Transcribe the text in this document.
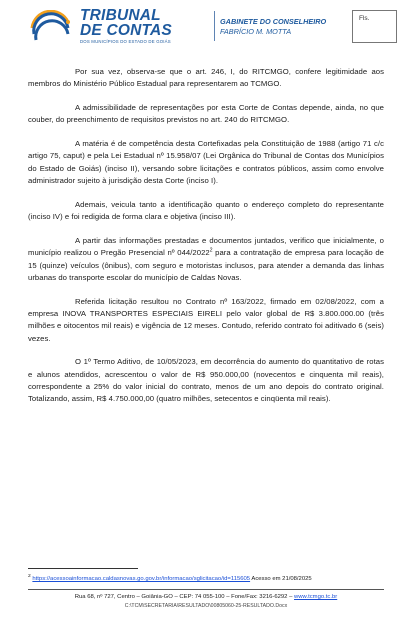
TRIBUNAL
DE CONTAS
DOS MUNICÍPIOS DO ESTADO DE GOIÁS
GABINETE DO CONSELHEIRO
FABRÍCIO M. MOTTA
Fls.

Por sua vez, observa-se que o art. 246, I, do RITCMGO, confere legitimidade aos membros do Ministério Público Estadual para representarem ao TCMGO.

A admissibilidade de representações por esta Corte de Contas depende, ainda, no que couber, do preenchimento de requisitos previstos no art. 240 do RITCMGO.

A matéria é de competência desta Cortefixadas pela Constituição de 1988 (artigo 71 c/c artigo 75, caput) e pela Lei Estadual nº 15.958/07 (Lei Orgânica do Tribunal de Contas dos Municípios do Estado de Goiás) (inciso II), versando sobre licitações e contratos públicos, assim como envolve administrador sujeito à jurisdição desta Corte (inciso I).

Ademais, veicula tanto a identificação quanto o endereço completo do representante (inciso IV) e foi redigida de forma clara e objetiva (inciso III).

A partir das informações prestadas e documentos juntados, verifico que inicialmente, o município realizou o Pregão Presencial nº 044/2022$^2$ para a contratação de empresa para locação de 15 (quinze) veículos (ônibus), com seguro e motoristas inclusos, para atender a demanda das linhas urbanas do transporte escolar do município de Caldas Novas.

Referida licitação resultou no Contrato nº 163/2022, firmado em 02/08/2022, com a empresa INOVA TRANSPORTES ESPECIAIS EIRELI pelo valor global de R$ 3.800.000.00 (três milhões e oitocentos mil reais) e vigência de 12 meses. Contudo, referido contrato foi aditivado 6 (seis) vezes.

O 1º Termo Aditivo, de 10/05/2023, em decorrência do aumento do quantitativo de rotas e alunos atendidos, acrescentou o valor de R$ 950.000,00 (novecentos e cinquenta mil reais), correspondente a 25% do valor inicial do contrato, menos de um ano depois do contrato original. Totalizando, assim, R$ 4.750.000,00 (quatro milhões, setecentos e cinqüenta mil reais).

$^2$ https://acessoainformacao.caldasnovas.go.gov.br/informacao/sglicitacao/id=115605 Acesso em 21/08/2025
Rua 68, nº 727, Centro – Goiânia-GO – CEP: 74 055-100 – Fone/Fax: 3216-6292 – www.tcmgo.tc.br
C:\TCM\SECRETARIA\RESULTADO\00805060-25-RESULTADO.Docx
